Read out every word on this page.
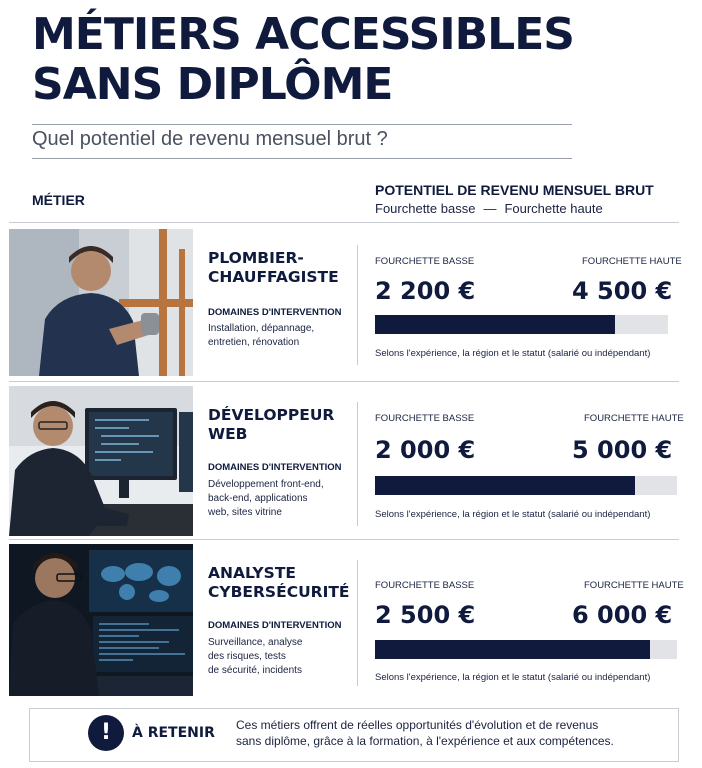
MÉTIERS ACCESSIBLES
SANS DIPLÔME

Quel potentiel de revenu mensuel brut ?

MÉTIER
POTENTIEL DE REVENU MENSUEL BRUT
Fourchette basse — Fourchette haute
PLOMBIER-
CHAUFFAGISTE
DOMAINES D'INTERVENTION
Installation, dépannage,
entretien, rénovation
FOURCHETTE BASSE	FOURCHETTE HAUTE
2 200 €	4 500 €
Selons l'expérience, la région et le statut (salarié ou indépendant)
DÉVELOPPEUR
WEB
DOMAINES D'INTERVENTION
Développement front-end,
back-end, applications
web, sites vitrine
FOURCHETTE BASSE	FOURCHETTE HAUTE
2 000 €	5 000 €
Selons l'expérience, la région et le statut (salarié ou indépendant)
ANALYSTE
CYBERSÉCURITÉ
DOMAINES D'INTERVENTION
Surveillance, analyse
des risques, tests
de sécurité, incidents
FOURCHETTE BASSE	FOURCHETTE HAUTE
2 500 €	6 000 €
Selons l'expérience, la région et le statut (salarié ou indépendant)
!	À RETENIR Ces métiers offrent de réelles opportunités d'évolution et de revenus
sans diplôme, grâce à la formation, à l'expérience et aux compétences.
